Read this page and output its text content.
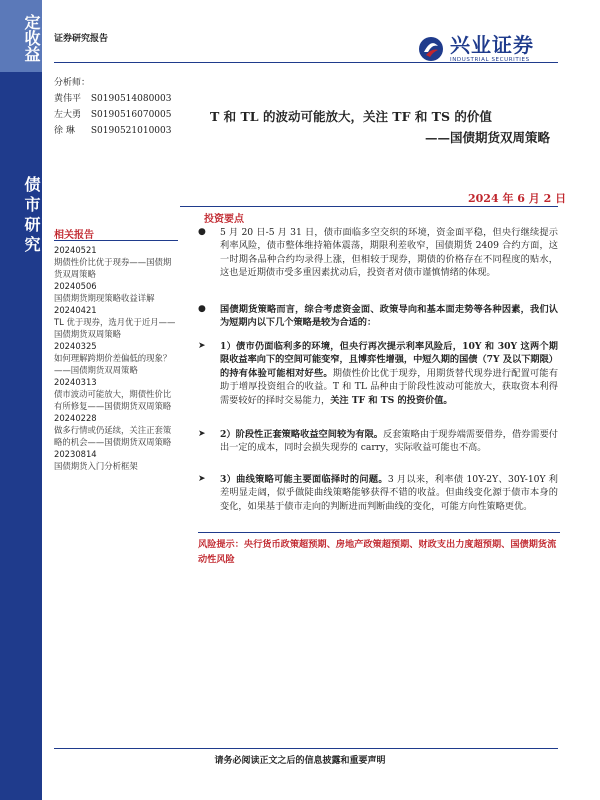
定收益
债市研究
证券研究报告	兴业证券
INDUSTRIAL SECURITIES
分析师：
黄伟平 S0190514080003
左大勇 S0190516070005
徐 琳 S0190521010003
T 和 TL 的波动可能放大，关注 TF 和 TS 的价值
——国债期货双周策略
2024 年 6 月 2 日
相关报告
20240521
期债性价比优于现券——国债期货双周策略
20240506
国债期货期现策略收益详解
20240421
TL 优于现券，选月优于近月——国债期货双周策略
20240325
如何理解跨期价差偏低的现象？——国债期货双周策略
20240313
债市波动可能放大，期债性价比有所修复——国债期货双周策略
20240228
做多行情或仍延续，关注正套策略的机会——国债期货双周策略
20230814
国债期货入门分析框架
投资要点
● 5 月 20 日-5 月 31 日，债市面临多空交织的环境，资金面平稳，但央行继续提示利率风险，债市整体维持箱体震荡，期限利差收窄，国债期货 2409 合约方面，这一时期各品种合约均录得上涨，但相较于现券，期债的价格存在不同程度的贴水，这也是近期债市受多重因素扰动后，投资者对债市谨慎情绪的体现。
● 国债期货策略而言，综合考虑资金面、政策导向和基本面走势等各种因素，我们认为短期内以下几个策略是较为合适的：
➤ 1）债市仍面临利多的环境，但央行再次提示利率风险后，10Y 和 30Y 这两个期限收益率向下的空间可能变窄，且博弈性增强，中短久期的国债（7Y 及以下期限）的持有体验可能相对好些。期债性价比优于现券，用期货替代现券进行配置可能有助于增厚投资组合的收益。T 和 TL 品种由于阶段性波动可能放大，获取资本利得需要较好的择时交易能力，关注 TF 和 TS 的投资价值。
➤ 2）阶段性正套策略收益空间较为有限。反套策略由于现券端需要借券，借券需要付出一定的成本，同时会损失现券的 carry，实际收益可能也不高。
➤ 3）曲线策略可能主要面临择时的问题。3 月以来，利率债 10Y-2Y、30Y-10Y 利差明显走阔，似乎做陡曲线策略能够获得不错的收益。但曲线变化源于债市本身的变化，如果基于债市走向的判断进而判断曲线的变化，可能方向性策略更优。
风险提示：央行货币政策超预期、房地产政策超预期、财政支出力度超预期、国债期货流动性风险
请务必阅读正文之后的信息披露和重要声明
